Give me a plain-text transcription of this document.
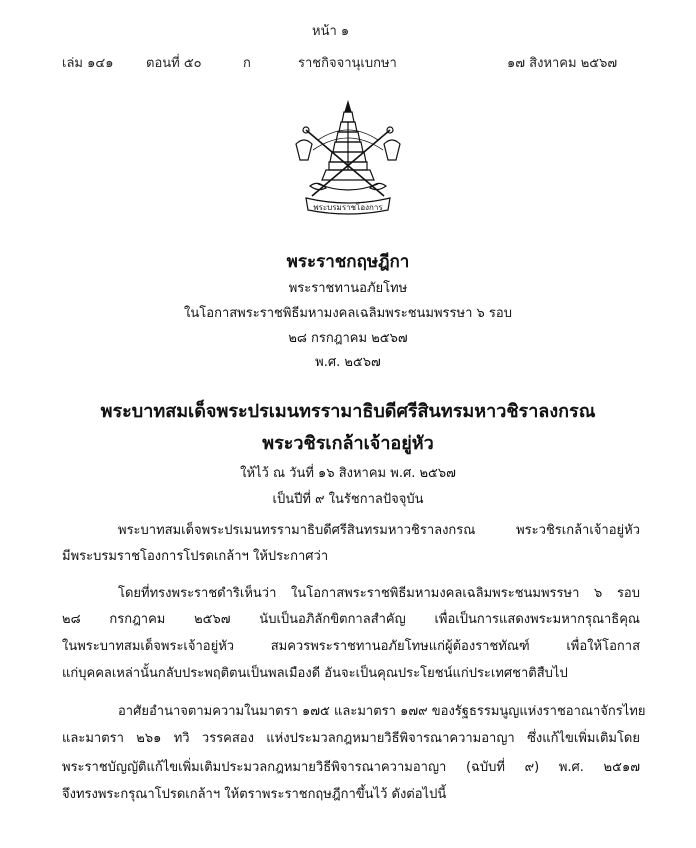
หน้า ๑
เล่ม ๑๔๑	ตอนที่ ๕๐	ก	ราชกิจจานุเบกษา	๑๗ สิงหาคม ๒๕๖๗
พระบรมราชโองการ
พระราชกฤษฎีกา
พระราชทานอภัยโทษ
ในโอกาสพระราชพิธีมหามงคลเฉลิมพระชนมพรรษา ๖ รอบ
๒๘ กรกฎาคม ๒๕๖๗
พ.ศ. ๒๕๖๗
พระบาทสมเด็จพระปรเมนทรรามาธิบดีศรีสินทรมหาวชิราลงกรณ
พระวชิรเกล้าเจ้าอยู่หัว
ให้ไว้ ณ วันที่ ๑๖ สิงหาคม พ.ศ. ๒๕๖๗
เป็นปีที่ ๙ ในรัชกาลปัจจุบัน
พระบาทสมเด็จพระปรเมนทรรามาธิบดีศรีสินทรมหาวชิราลงกรณ พระวชิรเกล้าเจ้าอยู่หัว
มีพระบรมราชโองการโปรดเกล้าฯ ให้ประกาศว่า
โดยที่ทรงพระราชดำริเห็นว่า ในโอกาสพระราชพิธีมหามงคลเฉลิมพระชนมพรรษา ๖ รอบ
๒๘ กรกฎาคม ๒๕๖๗ นับเป็นอภิลักขิตกาลสำคัญ เพื่อเป็นการแสดงพระมหากรุณาธิคุณ
ในพระบาทสมเด็จพระเจ้าอยู่หัว สมควรพระราชทานอภัยโทษแก่ผู้ต้องราชทัณฑ์ เพื่อให้โอกาส
แก่บุคคลเหล่านั้นกลับประพฤติตนเป็นพลเมืองดี อันจะเป็นคุณประโยชน์แก่ประเทศชาติสืบไป
อาศัยอำนาจตามความในมาตรา ๑๗๕ และมาตรา ๑๗๙ ของรัฐธรรมนูญแห่งราชอาณาจักรไทย
และมาตรา ๒๖๑ ทวิ วรรคสอง แห่งประมวลกฎหมายวิธีพิจารณาความอาญา ซึ่งแก้ไขเพิ่มเติมโดย
พระราชบัญญัติแก้ไขเพิ่มเติมประมวลกฎหมายวิธีพิจารณาความอาญา (ฉบับที่ ๙) พ.ศ. ๒๕๑๗
จึงทรงพระกรุณาโปรดเกล้าฯ ให้ตราพระราชกฤษฎีกาขึ้นไว้ ดังต่อไปนี้
